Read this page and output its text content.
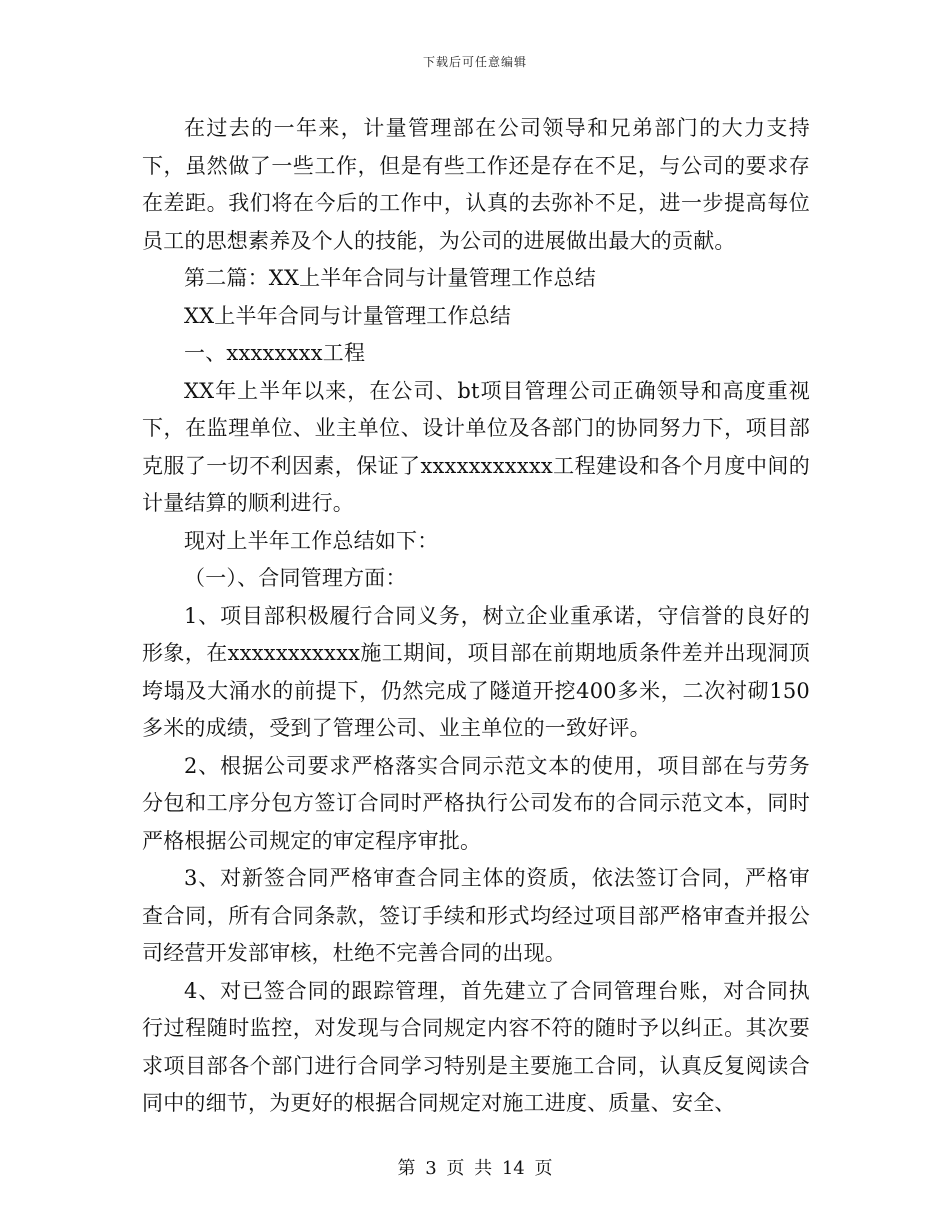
下载后可任意编辑

在过去的一年来，计量管理部在公司领导和兄弟部门的大力支持下，虽然做了一些工作，但是有些工作还是存在不足，与公司的要求存在差距。我们将在今后的工作中，认真的去弥补不足，进一步提高每位员工的思想素养及个人的技能，为公司的进展做出最大的贡献。

第二篇：XX上半年合同与计量管理工作总结

XX上半年合同与计量管理工作总结

一、xxxxxxxx工程

XX年上半年以来，在公司、bt项目管理公司正确领导和高度重视下，在监理单位、业主单位、设计单位及各部门的协同努力下，项目部克服了一切不利因素，保证了xxxxxxxxxxx工程建设和各个月度中间的计量结算的顺利进行。

现对上半年工作总结如下：

（一）、合同管理方面：

1、项目部积极履行合同义务，树立企业重承诺，守信誉的良好的形象，在xxxxxxxxxxx施工期间，项目部在前期地质条件差并出现洞顶垮塌及大涌水的前提下，仍然完成了隧道开挖400多米，二次衬砌150多米的成绩，受到了管理公司、业主单位的一致好评。

2、根据公司要求严格落实合同示范文本的使用，项目部在与劳务分包和工序分包方签订合同时严格执行公司发布的合同示范文本，同时严格根据公司规定的审定程序审批。

3、对新签合同严格审查合同主体的资质，依法签订合同，严格审查合同，所有合同条款，签订手续和形式均经过项目部严格审查并报公司经营开发部审核，杜绝不完善合同的出现。

4、对已签合同的跟踪管理，首先建立了合同管理台账，对合同执行过程随时监控，对发现与合同规定内容不符的随时予以纠正。其次要求项目部各个部门进行合同学习特别是主要施工合同，认真反复阅读合同中的细节，为更好的根据合同规定对施工进度、质量、安全、

第 3 页 共 14 页
